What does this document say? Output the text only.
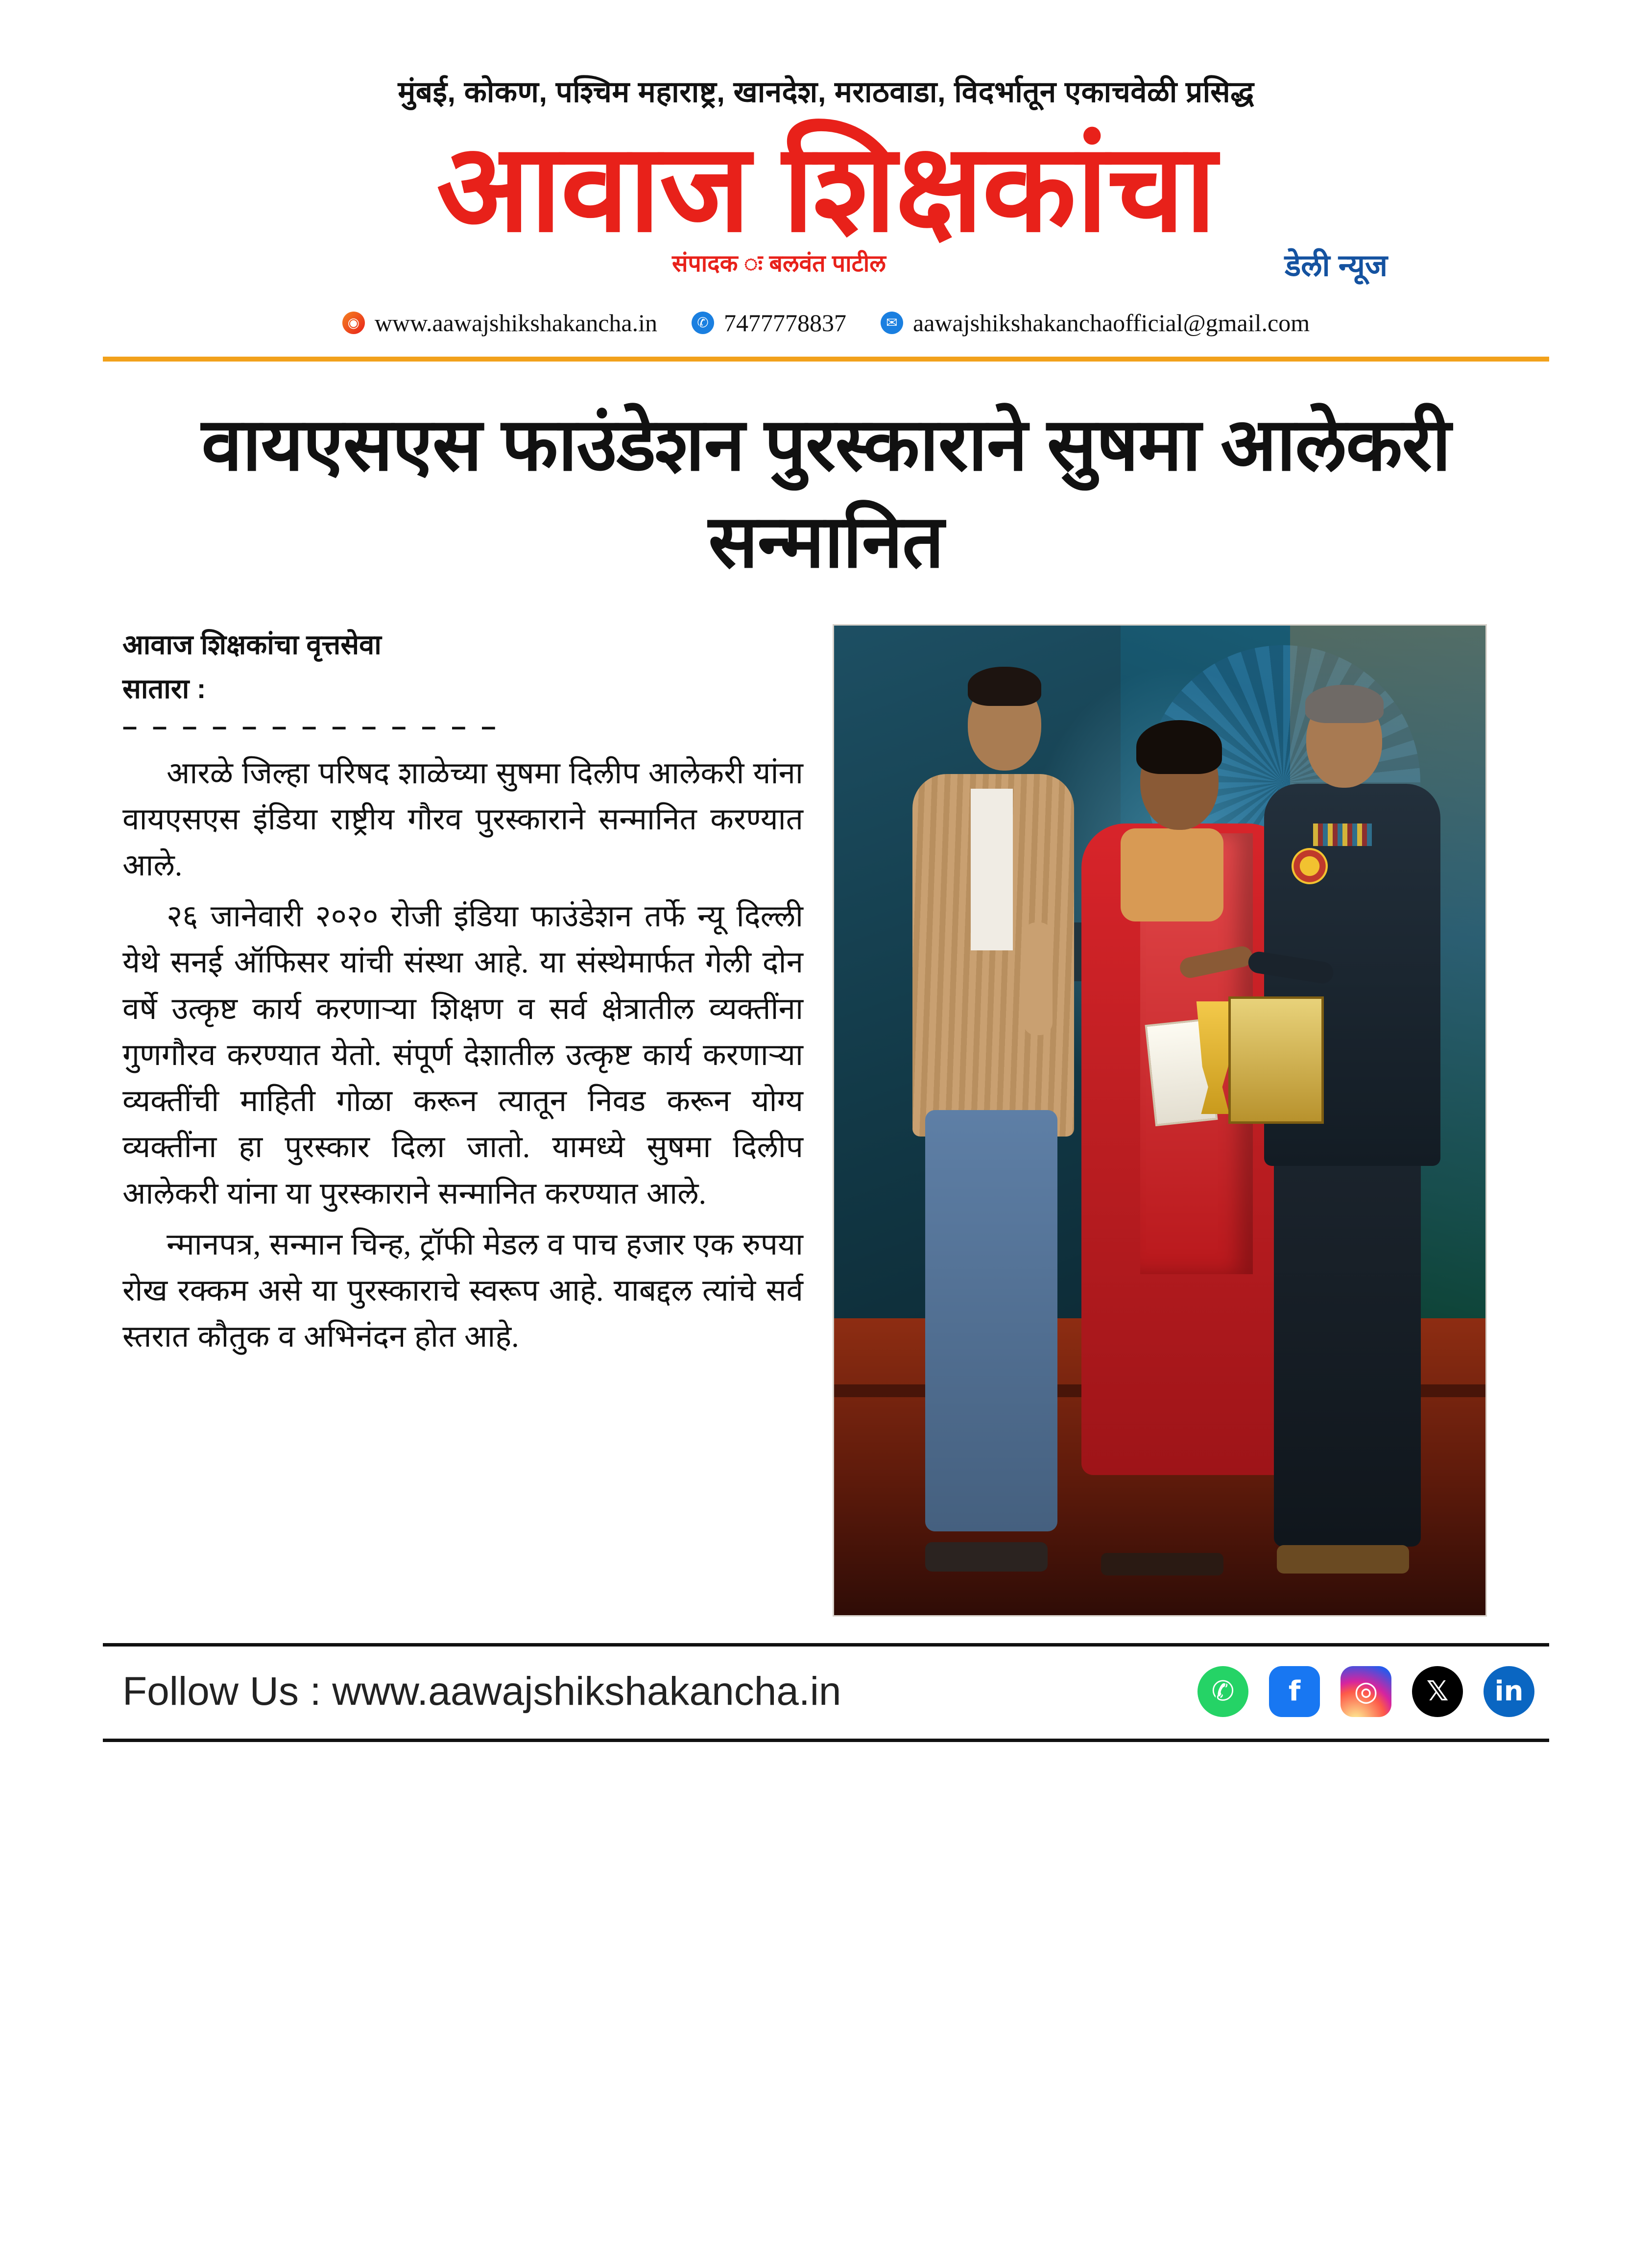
मुंबई, कोकण, पश्चिम महाराष्ट्र, खानदेश, मराठवाडा, विदर्भातून एकाचवेळी प्रसिद्ध
आवाज शिक्षकांचा
संपादक ः बलवंत पाटील	डेली न्यूज
◉ www.aawajshikshakancha.in	✆ 7477778837	✉ aawajshikshakanchaofficial@gmail.com
वायएसएस फाउंडेशन पुरस्काराने सुषमा आलेकरी सन्मानित
आवाज शिक्षकांचा वृत्तसेवा
सातारा :
– – – – – – – – – – – – –

आरळे जिल्हा परिषद शाळेच्या सुषमा दिलीप आलेकरी यांना वायएसएस इंडिया राष्ट्रीय गौरव पुरस्काराने सन्मानित करण्यात आले.

२६ जानेवारी २०२० रोजी इंडिया फाउंडेशन तर्फे न्यू दिल्ली येथे सनई ऑफिसर यांची संस्था आहे. या संस्थेमार्फत गेली दोन वर्षे उत्कृष्ट कार्य करणाऱ्या शिक्षण व सर्व क्षेत्रातील व्यक्तींना गुणगौरव करण्यात येतो. संपूर्ण देशातील उत्कृष्ट कार्य करणाऱ्या व्यक्तींची माहिती गोळा करून त्यातून निवड करून योग्य व्यक्तींना हा पुरस्कार दिला जातो. यामध्ये सुषमा दिलीप आलेकरी यांना या पुरस्काराने सन्मानित करण्यात आले.

न्मानपत्र, सन्मान चिन्ह, ट्रॉफी मेडल व पाच हजार एक रुपया रोख रक्कम असे या पुरस्काराचे स्वरूप आहे. याबद्दल त्यांचे सर्व स्तरात कौतुक व अभिनंदन होत आहे.

Follow Us : www.aawajshikshakancha.in	✆	f	◎	𝕏	in
